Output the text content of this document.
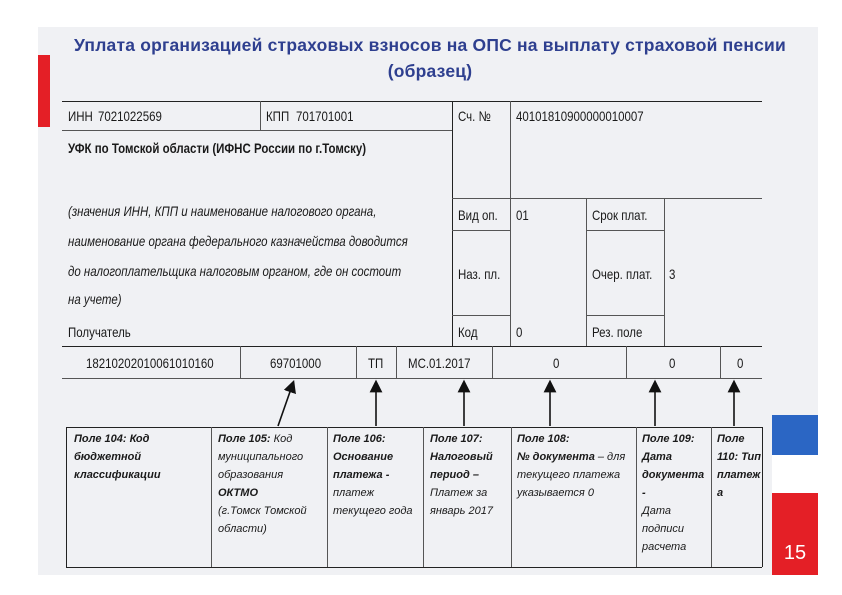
15
Уплата организацией страховых взносов на ОПС на выплату страховой пенсии (образец)
ИНН 7021022569	КПП 701701001	Сч. № 40101810900000010007
УФК по Томской области (ИФНС России по г.Томску)
(значения ИНН, КПП и наименование налогового органа,
наименование органа федерального казначейства доводится
до налогоплательщика налоговым органом, где он состоит
на учете)
Получатель
Вид оп. 01	Срок плат.
Наз. пл.	Очер. плат. 3
Код	0	Рез. поле
18210202010061010160	69701000	ТП МС.01.2017	0	0	0
Поле 104: Код
бюджетной
классификации
Поле 105: Код
муниципального
образования ОКТМО
(г.Томск Томской
области)
Поле 106:
Основание
платежа -
платеж
текущего года
Поле 107:
Налоговый
период –
Платеж за
январь 2017
Поле 108:
№ документа – для
текущего платежа
указывается 0
Поле 109:
Дата документа -
Дата
подписи
расчета
Поле
110: Тип
платеж
а
